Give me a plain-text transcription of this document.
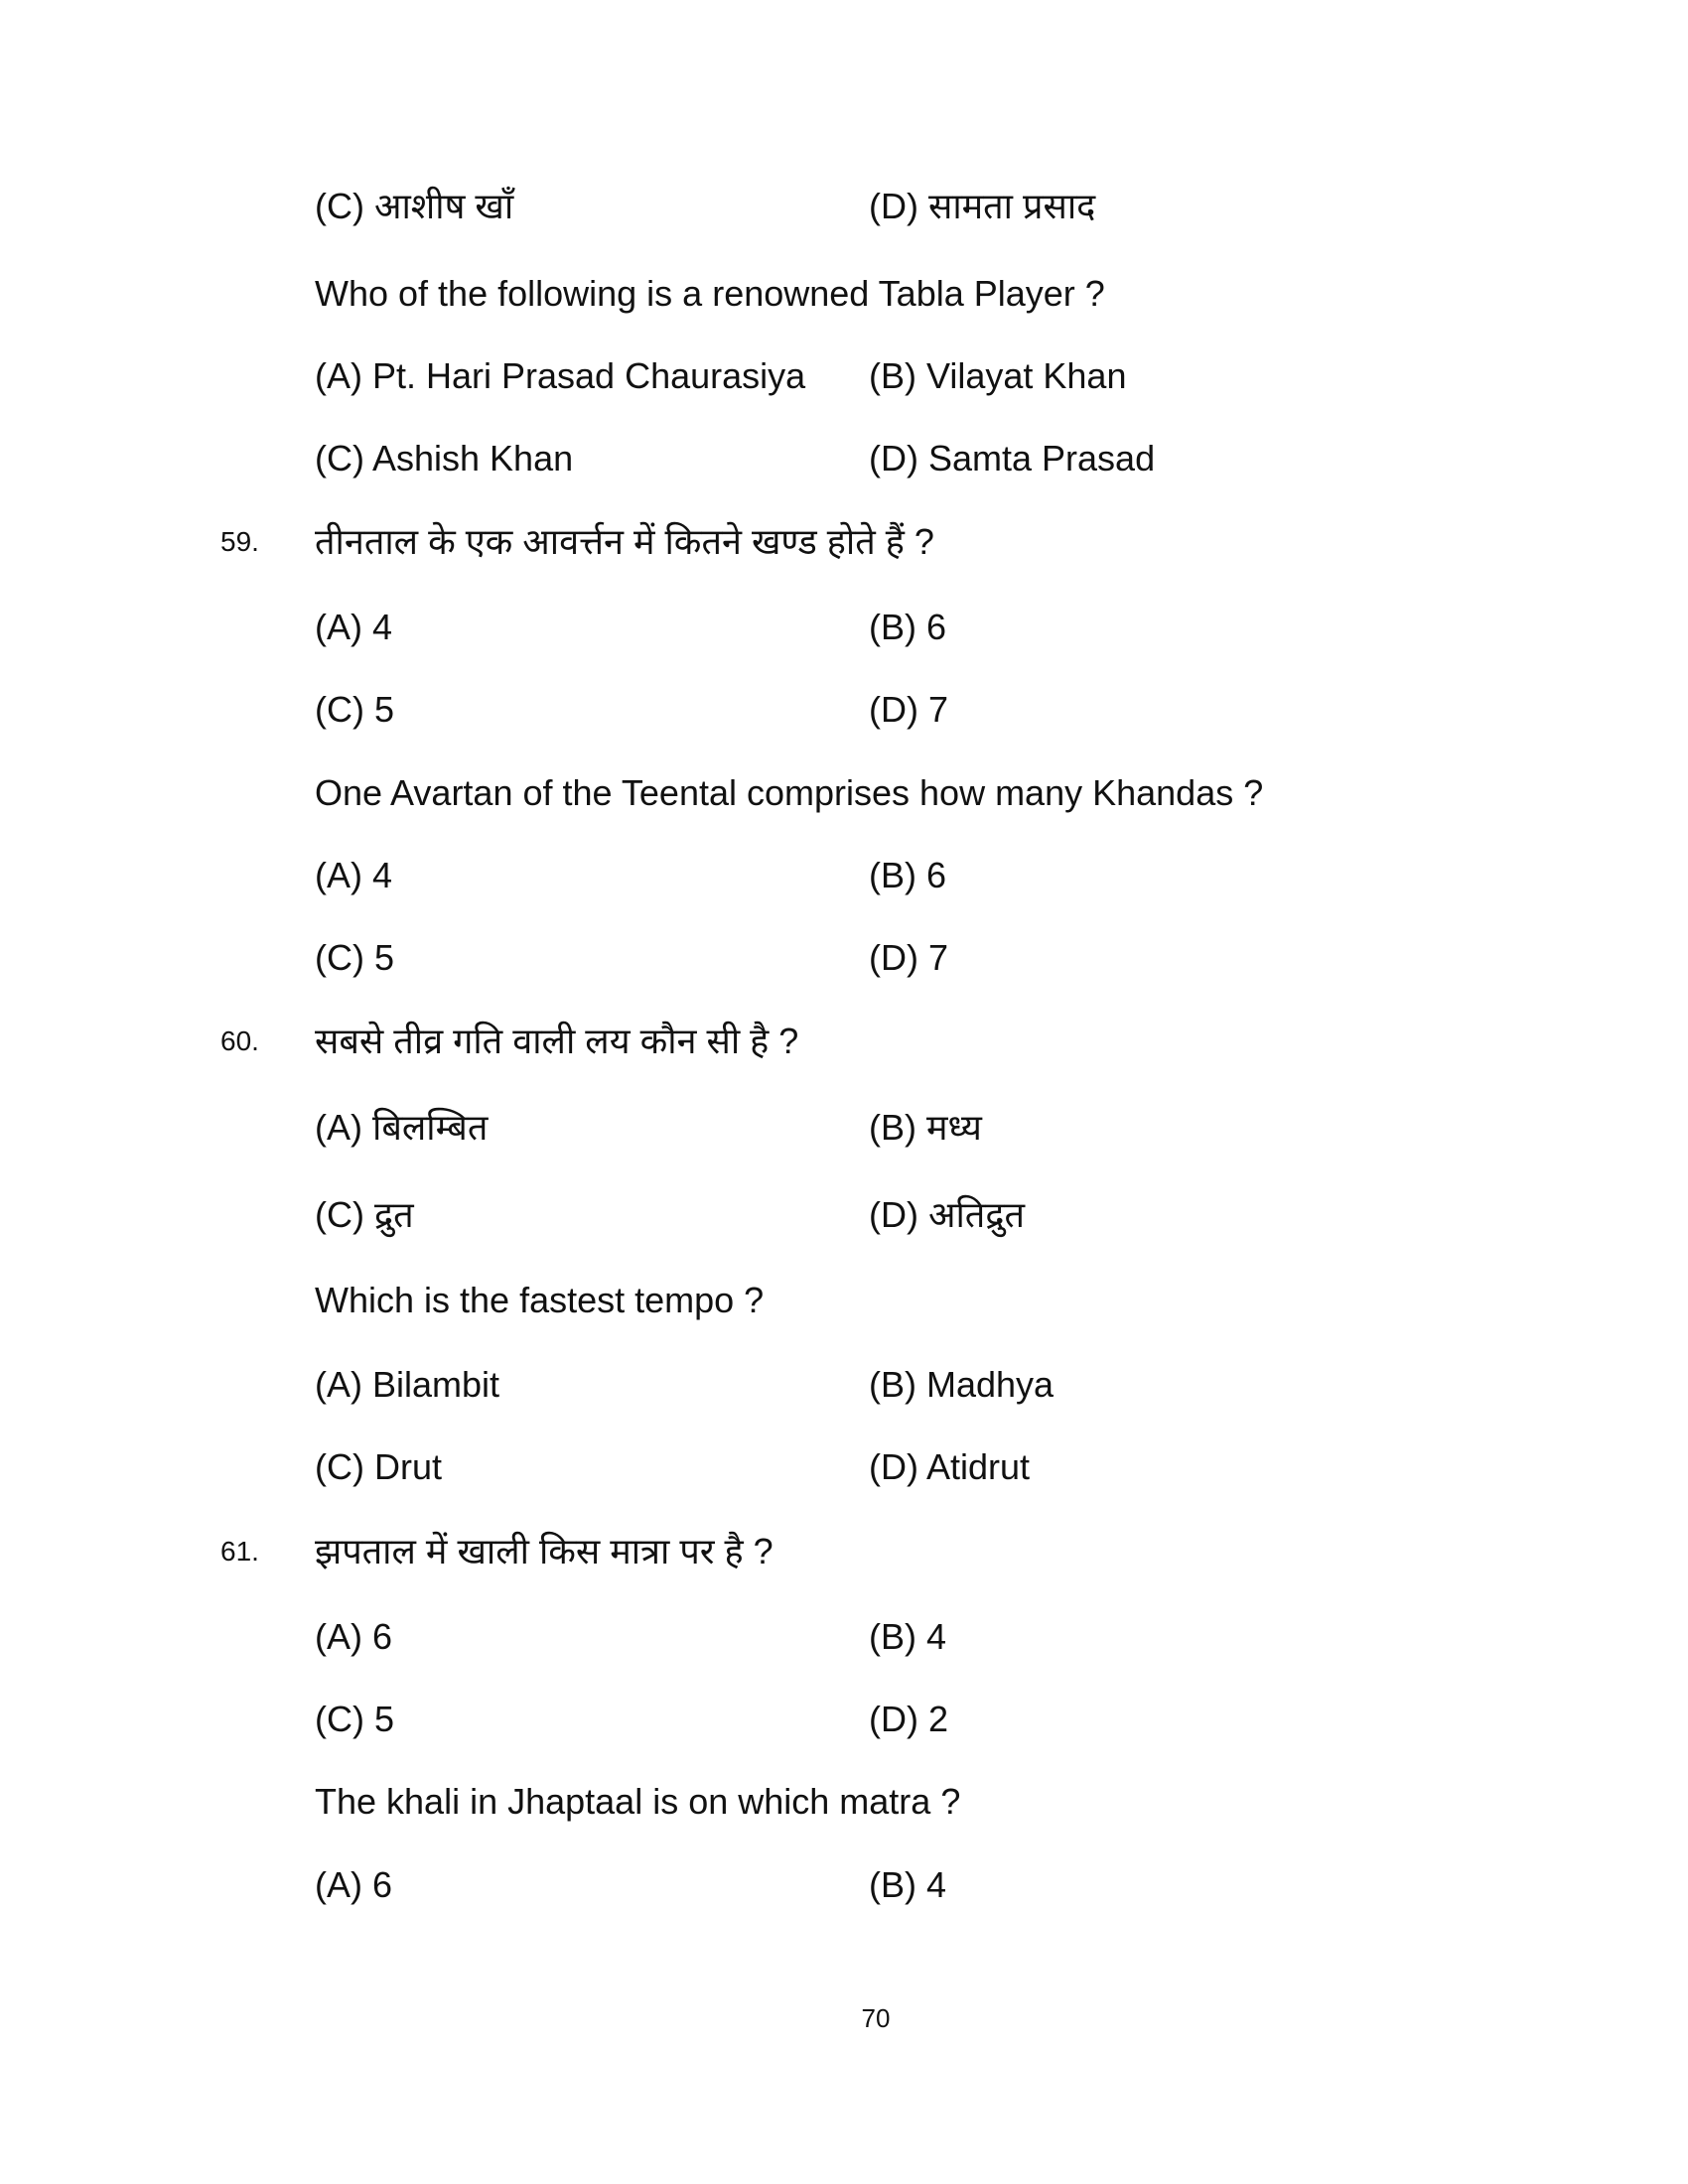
70
(C) आशीष खाँ	(D) सामता प्रसाद
Who of the following is a renowned Tabla Player ?
(A) Pt. Hari Prasad Chaurasiya (B) Vilayat Khan
(C) Ashish Khan	(D) Samta Prasad
59. तीनताल के एक आवर्त्तन में कितने खण्ड होते हैं ?
(A) 4	(B) 6
(C) 5	(D) 7
One Avartan of the Teental comprises how many Khandas ?
(A) 4	(B) 6
(C) 5	(D) 7
60. सबसे तीव्र गति वाली लय कौन सी है ?
(A) बिलम्बित	(B) मध्य
(C) द्रुत	(D) अतिद्रुत
Which is the fastest tempo ?
(A) Bilambit	(B) Madhya
(C) Drut	(D) Atidrut
61. झपताल में खाली किस मात्रा पर है ?
(A) 6	(B) 4
(C) 5	(D) 2
The khali in Jhaptaal is on which matra ?
(A) 6	(B) 4
